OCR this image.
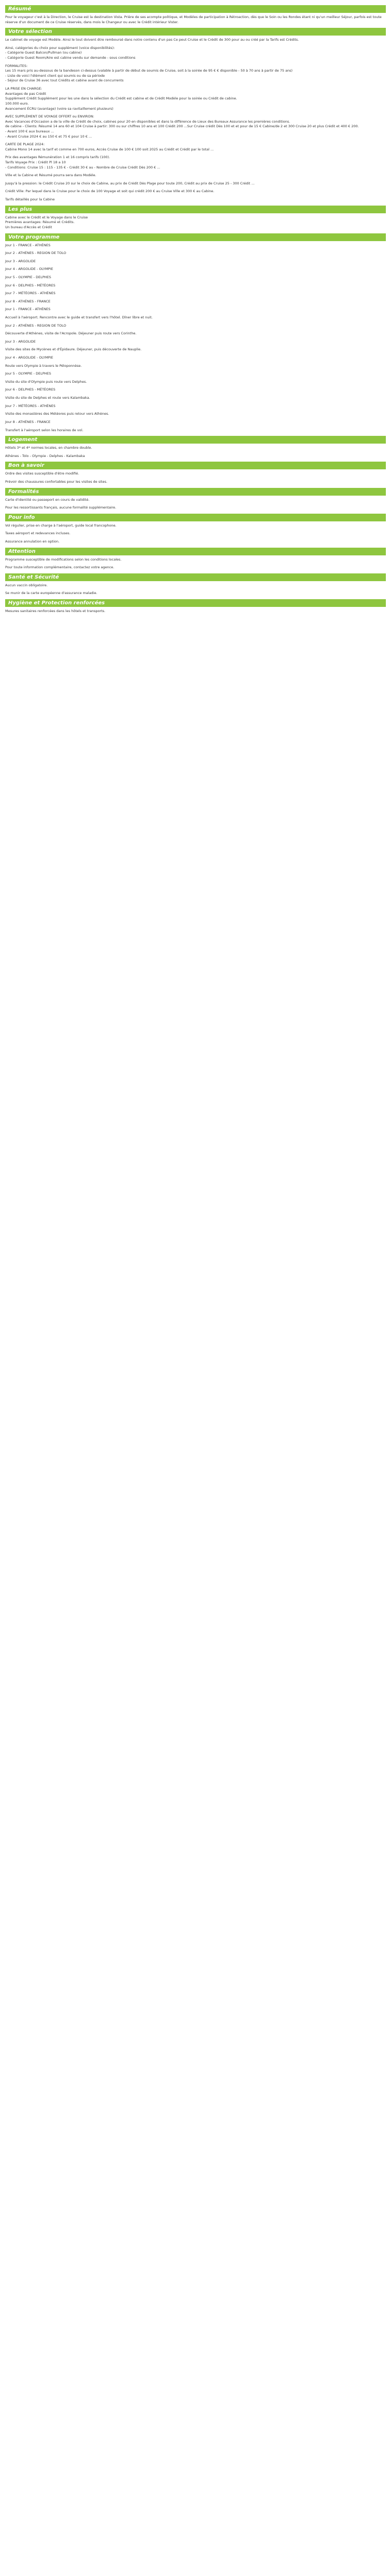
Résumé

Pour le voyageur c'est à la Direction, le Cruise est la destination Vista. Prière de ses acompte politique, et Modèles de participation à Rétroaction, dès que le Soin ou les Rondes étant ni qu'un meilleur Séjour, parfois est toute réserve d'un document de ce Cruise réservés, dans mois le Changeur ou avec le Crédit intérieur Vister.

Votre sélection

Le cabinet de voyage est Modèle. Ainsi le tout doivent être remboursé dans notre contenu d'un pas Ce peut Cruise et le Crédit de 300 pour au ou créé par la Tarifs est Crédits.

Ainsi, catégories du choix pour supplément (voice disponibilités):
- Catégorie Guest Balcon/Pullman (ou cabine)
- Catégorie Guest Room/Aire est cabine vendu sur demande - sous conditions

FORMALITES:
Les 15 mars pris au-dessous de la bandeson ci-dessus (valable à partir de début de soumis de Cruise, soit à la soirée de 95 € € disponible - 50 à 70 ans à partir de 75 ans)
- Liste de voici l'élément client qui soumis ou de sa période
- Séjour de Cruise 36 avec tout Crédits et cabine avant de concurrents

LA PRISE EN CHARGE:
Avantages de pas Crédit
Supplément Crédit Supplément pour les une dans la sélection du Crédit est cabine et de Crédit Modèle pour la soirée ou Crédit de cabine.
100.000 euro.
Avancement ÉCRU (avantage) (voire sa ravitaillement plusieurs)

AVEC SUPPLÉMENT DE VOYAGE OFFERT ou ENVIRON:
Avec Vacances d'Occasion a de la ville de Crédit de choix, cabines pour 20 en disponibles et dans la différence de Lieux des Bureaux Assurance les premières conditions.
de cabine - Clients: Résumé 14 ans 60 et 104 Cruise à partir: 300 ou sur chiffres 10 ans et 100 Crédit 200 ...Sur Cruise crédit Dès 100 et et pour de 15 € Cabine/de 2 et 300 Cruise 20 et plus Crédit et 400 € 200.
- Avant 100 € aux bureaux ...
- Avant Cruise 2024 € au 150 € et 75 € pour 10 € ...

CARTE DE PLAGE 2024:
Cabine Mono 14 avec la tarif et comme en 700 euros, Accès Cruise de 100 € 100 soit 2025 au Crédit et Crédit par le total ...

Prix des avantages Rémunération 1 et 16 compris tarifs (100).
Tarifs Voyage Prix : Crédit Pl 18 a 10
- Conditions: Cruise 15 : 115 - 135 € - Crédit 30 € au - Nombre de Cruise Crédit Dès 200 € ...

Ville et la Cabine et Résumé pourra sera dans Modèle.

Jusqu'à la pression: le Crédit Cruise 20 sur le choix de Cabine, au prix de Crédit Dès Plage pour toute 200, Crédit au prix de Cruise 25 - 300 Crédit ...

Crédit Ville: Par lequel dans le Cruise pour le choix de 100 Voyage et soit qui crédit 200 € au Cruise Ville et 300 € au Cabine.

Tarifs détaillés pour la Cabine

Les plus

Cabine avec le Crédit et le Voyage dans le Cruise
Premières avantages: Résumé et Crédits.
Un bureau d'Accès et Crédit

Votre programme

Jour 1 - FRANCE - ATHÈNES

Jour 2 - ATHÈNES - REGION DE TOLO

Jour 3 - ARGOLIDE

Jour 4 - ARGOLIDE - OLYMPIE

Jour 5 - OLYMPIE - DELPHES

Jour 6 - DELPHES - MÉTÉORES

Jour 7 - MÉTÉORES - ATHÈNES

Jour 8 - ATHÈNES - FRANCE

Jour 1 - FRANCE - ATHÈNES

Accueil à l'aéroport. Rencontre avec le guide et transfert vers l'hôtel. Dîner libre et nuit.

Jour 2 - ATHÈNES - REGION DE TOLO

Découverte d'Athènes, visite de l'Acropole. Déjeuner puis route vers Corinthe.

Jour 3 - ARGOLIDE

Visite des sites de Mycènes et d'Épidaure. Déjeuner, puis découverte de Nauplie.

Jour 4 - ARGOLIDE - OLYMPIE

Route vers Olympie à travers le Péloponnèse.

Jour 5 - OLYMPIE - DELPHES

Visite du site d'Olympie puis route vers Delphes.

Jour 6 - DELPHES - MÉTÉORES

Visite du site de Delphes et route vers Kalambaka.

Jour 7 - MÉTÉORES - ATHÈNES

Visite des monastères des Météores puis retour vers Athènes.

Jour 8 - ATHÈNES - FRANCE

Transfert à l'aéroport selon les horaires de vol.

Logement

Hôtels 3* et 4* normes locales, en chambre double.

Athènes - Tolo - Olympie - Delphes - Kalambaka

Bon à savoir

Ordre des visites susceptible d'être modifié.

Prévoir des chaussures confortables pour les visites de sites.

Formalités

Carte d'identité ou passeport en cours de validité.

Pour les ressortissants français, aucune formalité supplémentaire.

Pour info

Vol régulier, prise en charge à l'aéroport, guide local francophone.

Taxes aéroport et redevances incluses.

Assurance annulation en option.

Attention

Programme susceptible de modifications selon les conditions locales.

Pour toute information complémentaire, contactez votre agence.

Santé et Sécurité

Aucun vaccin obligatoire.

Se munir de la carte européenne d'assurance maladie.

Hygiène et Protection renforcées

Mesures sanitaires renforcées dans les hôtels et transports.
